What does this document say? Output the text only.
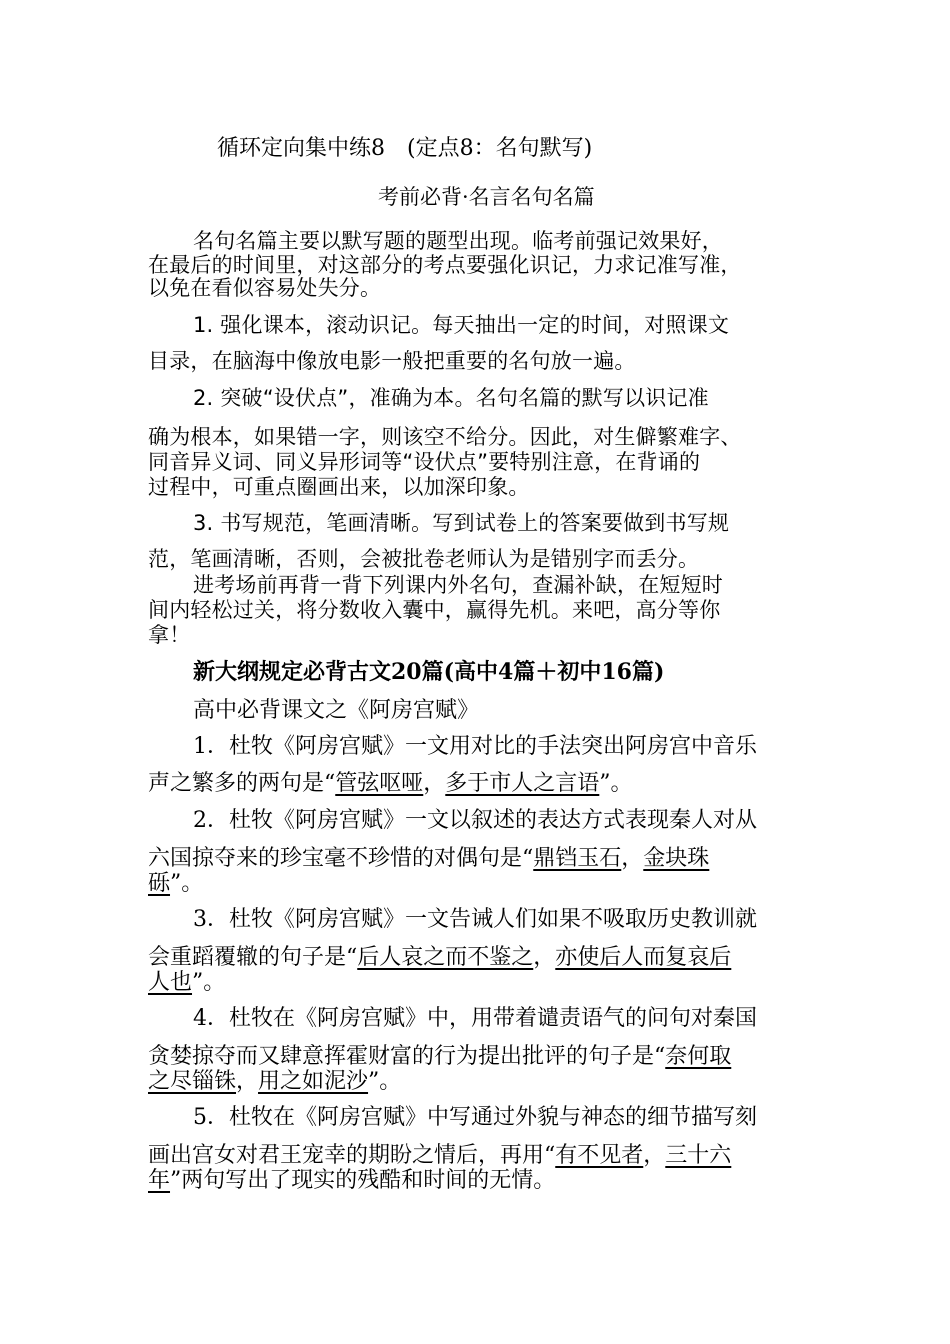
循环定向集中练8 (定点8：名句默写)
考前必背·名言名句名篇
名句名篇主要以默写题的题型出现。临考前强记效果好，
在最后的时间里，对这部分的考点要强化识记，力求记准写准，
以免在看似容易处失分。
1. 强化课本，滚动识记。每天抽出一定的时间，对照课文
目录，在脑海中像放电影一般把重要的名句放一遍。
2. 突破“设伏点”，准确为本。名句名篇的默写以识记准
确为根本，如果错一字，则该空不给分。因此，对生僻繁难字、
同音异义词、同义异形词等“设伏点”要特别注意，在背诵的
过程中，可重点圈画出来，以加深印象。
3. 书写规范，笔画清晰。写到试卷上的答案要做到书写规
范，笔画清晰，否则，会被批卷老师认为是错别字而丢分。
进考场前再背一背下列课内外名句，查漏补缺，在短短时
间内轻松过关，将分数收入囊中，赢得先机。来吧，高分等你
拿！
新大纲规定必背古文20篇(高中4篇＋初中16篇)
高中必背课文之《阿房宫赋》
1．杜牧《阿房宫赋》一文用对比的手法突出阿房宫中音乐
声之繁多的两句是“管弦呕哑，多于市人之言语”。
2．杜牧《阿房宫赋》一文以叙述的表达方式表现秦人对从
六国掠夺来的珍宝毫不珍惜的对偶句是“鼎铛玉石，金块珠
砾”。
3．杜牧《阿房宫赋》一文告诫人们如果不吸取历史教训就
会重蹈覆辙的句子是“后人哀之而不鉴之，亦使后人而复哀后
人也”。
4．杜牧在《阿房宫赋》中，用带着谴责语气的问句对秦国
贪婪掠夺而又肆意挥霍财富的行为提出批评的句子是“奈何取
之尽锱铢，用之如泥沙”。
5．杜牧在《阿房宫赋》中写通过外貌与神态的细节描写刻
画出宫女对君王宠幸的期盼之情后，再用“有不见者，三十六
年”两句写出了现实的残酷和时间的无情。
